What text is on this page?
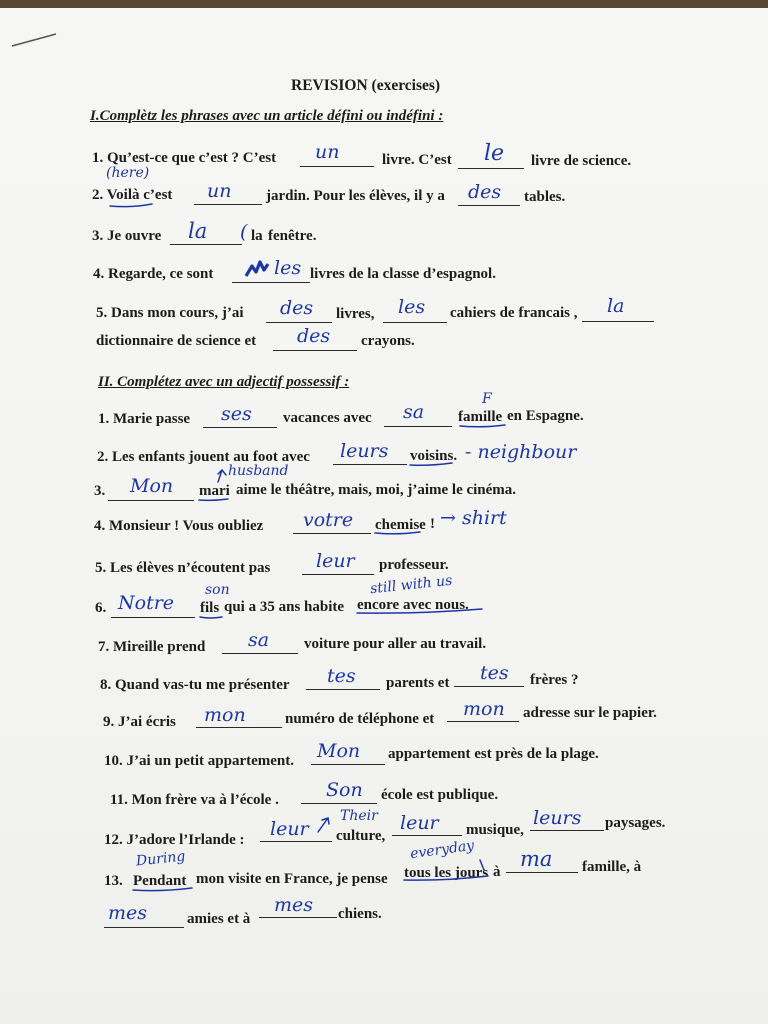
REVISION (exercises)
I.Complètz les phrases avec un article défini ou indéfini :
1. Qu’est-ce que c’est ? C’est un	livre. C’est le livre de science.
(here)
2. Voilà c’est un jardin. Pour les élèves, il y a des tables.
3. Je ouvre la ( la fenêtre.
4. Regarde, ce sont	les livres de la classe d’espagnol.
5. Dans mon cours, j’ai des livres, les cahiers de francais , la
dictionnaire de science et des crayons.
II. Complétez avec un adjectif possessif :
1. Marie passe ses vacances avec sa
F
famille en Espagne.
2. Les enfants jouent au foot avec leurs voisins. - neighbour
3. Mon
husband
mari aime le théâtre, mais, moi, j’aime le cinéma.
4. Monsieur ! Vous oubliez votre chemise ! → shirt
5. Les élèves n’écoutent pas leur professeur.
son	still with us
6. Notre fils qui a 35 ans habite encore avec nous.
7. Mireille prend sa voiture pour aller au travail.
8. Quand vas-tu me présenter tes parents et tes frères ?
9. J’ai écris mon	numéro de téléphone et mon adresse sur le papier.
10. J’ai un petit appartement. Mon appartement est près de la plage.
11. Mon frère va à l’école . Son école est publique.
12. J’adore l’Irlande : leur
Their
culture,
leur musique,
leurs paysages.
During	everyday
13. Pendant mon visite en France, je pense tous les jours à
ma famille, à
mes	amies et à
mes chiens.
